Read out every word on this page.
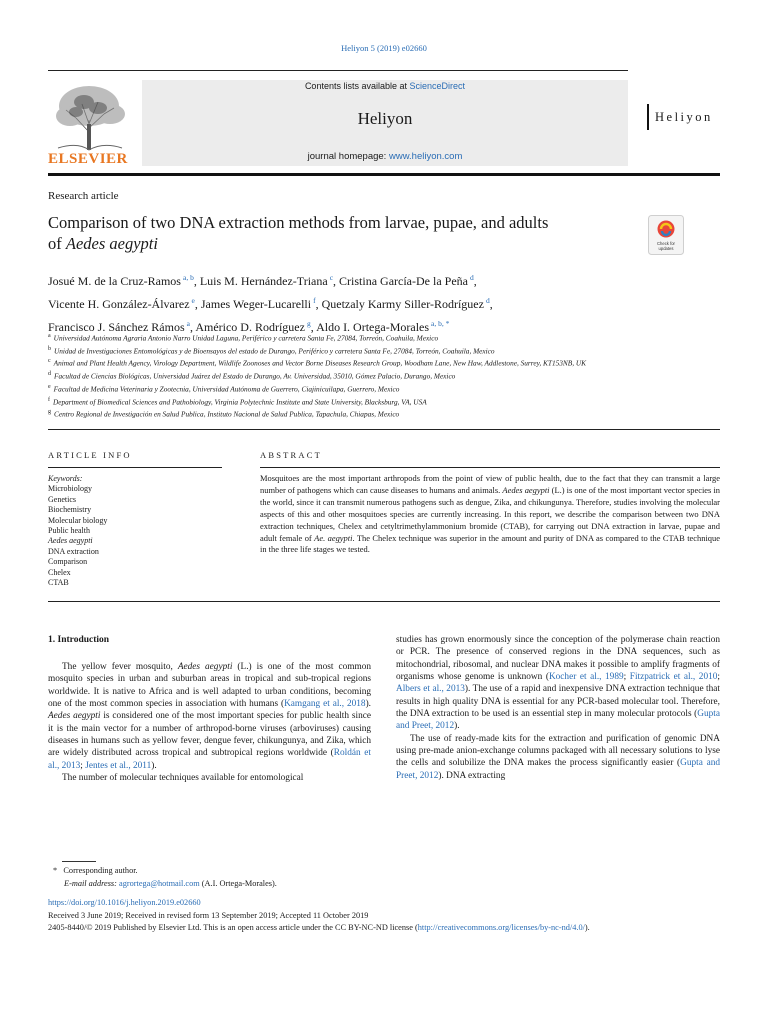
Heliyon 5 (2019) e02660
ELSEVIER
Contents lists available at ScienceDirect
Heliyon
journal homepage: www.heliyon.com
Heliyon
Research article
Comparison of two DNA extraction methods from larvae, pupae, and adults
of Aedes aegypti	Check for
updates
Josué M. de la Cruz-Ramos $^{a, b}$, Luis M. Hernández-Triana $^c$, Cristina García-De la Peña $^d$,
Vicente H. González-Álvarez $^e$, James Weger-Lucarelli $^f$, Quetzaly Karmy Siller-Rodríguez $^d$,
Francisco J. Sánchez Rámos $^a$, Américo D. Rodríguez $^g$, Aldo I. Ortega-Morales $^{a, b, *}$
$^a$ Universidad Autónoma Agraria Antonio Narro Unidad Laguna, Periférico y carretera Santa Fe, 27084, Torreón, Coahuila, Mexico
$^b$ Unidad de Investigaciones Entomológicas y de Bioensayos del estado de Durango, Periférico y carretera Santa Fe, 27084, Torreón, Coahuila, Mexico
$^c$ Animal and Plant Health Agency, Virology Department, Wildlife Zoonoses and Vector Borne Diseases Research Group, Woodham Lane, New Haw, Addlestone, Surrey, KT153NB, UK
$^d$ Facultad de Ciencias Biológicas, Universidad Juárez del Estado de Durango, Av. Universidad, 35010, Gómez Palacio, Durango, Mexico
$^e$ Facultad de Medicina Veterinaria y Zootecnia, Universidad Autónoma de Guerrero, Ciajinicuilapa, Guerrero, Mexico
$^f$ Department of Biomedical Sciences and Pathobiology, Virginia Polytechnic Institute and State University, Blacksburg, VA, USA
$^g$ Centro Regional de Investigación en Salud Publica, Instituto Nacional de Salud Publica, Tapachula, Chiapas, Mexico
ARTICLE INFO
Keywords:
Microbiology
Genetics
Biochemistry
Molecular biology
Public health
Aedes aegypti
DNA extraction
Comparison
Chelex
CTAB
ABSTRACT
Mosquitoes are the most important arthropods from the point of view of public health, due to the fact that they can transmit a large number of pathogens which can cause diseases to humans and animals. Aedes aegypti (L.) is one of the most important vector species in the world, since it can transmit numerous pathogens such as dengue, Zika, and chikungunya. Therefore, studies involving the molecular aspects of this and other mosquitoes species are currently increasing. In this report, we describe the comparison between two DNA extraction techniques, Chelex and cetyltrimethylammonium bromide (CTAB), for carrying out DNA extraction in larvae, pupae and adult female of Ae. aegypti. The Chelex technique was superior in the amount and purity of DNA as compared to the CTAB technique in the three life stages we tested.
1. Introduction

The yellow fever mosquito, Aedes aegypti (L.) is one of the most common mosquito species in urban and suburban areas in tropical and sub-tropical regions worldwide. It is native to Africa and is well adapted to urban conditions, becoming one of the most common species in association with humans (Kamgang et al., 2018). Aedes aegypti is considered one of the most important species for public health since it is the main vector for a number of arthropod-borne viruses (arboviruses) causing diseases in humans such as yellow fever, dengue fever, chikungunya, and Zika, which are widely distributed across tropical and subtropical regions worldwide (Roldán et al., 2013; Jentes et al., 2011).

The number of molecular techniques available for entomological

studies has grown enormously since the conception of the polymerase chain reaction or PCR. The presence of conserved regions in the DNA sequences, such as mitochondrial, ribosomal, and nuclear DNA makes it possible to amplify fragments of organisms whose genome is unknown (Kocher et al., 1989; Fitzpatrick et al., 2010; Albers et al., 2013). The use of a rapid and inexpensive DNA extraction technique that results in high quality DNA is essential for any PCR-based molecular tool. Therefore, the DNA extraction to be used is an essential step in many molecular protocols (Gupta and Preet, 2012).

The use of ready-made kits for the extraction and purification of genomic DNA using pre-made anion-exchange columns packaged with all necessary solutions to lyse the cells and solubilize the DNA makes the process significantly easier (Gupta and Preet, 2012). DNA extracting

* Corresponding author.
E-mail address: agrortega@hotmail.com (A.I. Ortega-Morales).
https://doi.org/10.1016/j.heliyon.2019.e02660
Received 3 June 2019; Received in revised form 13 September 2019; Accepted 11 October 2019
2405-8440/© 2019 Published by Elsevier Ltd. This is an open access article under the CC BY-NC-ND license (http://creativecommons.org/licenses/by-nc-nd/4.0/).
